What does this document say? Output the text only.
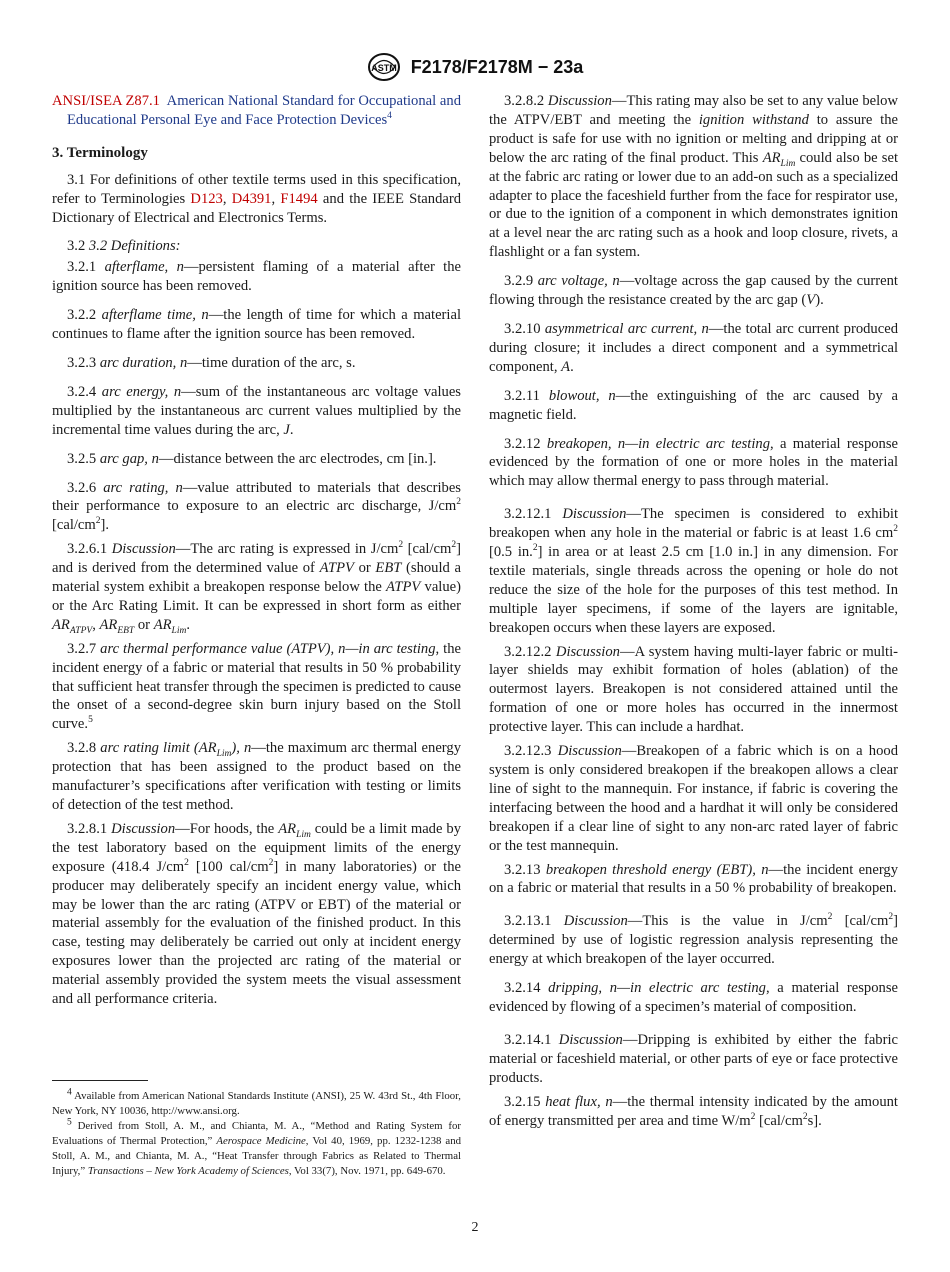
ASTM F2178/F2178M − 23a

ANSI/ISEA Z87.1 American National Standard for Occupational and Educational Personal Eye and Face Protection Devices$^4$

3. Terminology

3.1 For definitions of other textile terms used in this specification, refer to Terminologies D123, D4391, F1494 and the IEEE Standard Dictionary of Electrical and Electronics Terms.

3.2 3.2 Definitions:

3.2.1 afterflame, n—persistent flaming of a material after the ignition source has been removed.

3.2.2 afterflame time, n—the length of time for which a material continues to flame after the ignition source has been removed.

3.2.3 arc duration, n—time duration of the arc, s.

3.2.4 arc energy, n—sum of the instantaneous arc voltage values multiplied by the instantaneous arc current values multiplied by the incremental time values during the arc, J.

3.2.5 arc gap, n—distance between the arc electrodes, cm [in.].

3.2.6 arc rating, n—value attributed to materials that describes their performance to exposure to an electric arc discharge, $J/cm^2$ $[cal/cm^2]$.

3.2.6.1 Discussion—The arc rating is expressed in $J/cm^2$ $[cal/cm^2]$ and is derived from the determined value of ATPV or EBT (should a material system exhibit a breakopen response below the ATPV value) or the Arc Rating Limit. It can be expressed in short form as either $AR_{ATPV}$, $AR_{EBT}$ or $AR_{Lim}$.

3.2.7 arc thermal performance value (ATPV), n—in arc testing, the incident energy of a fabric or material that results in 50 % probability that sufficient heat transfer through the specimen is predicted to cause the onset of a second-degree skin burn injury based on the Stoll curve.$^5$

3.2.8 arc rating limit $(AR_{Lim})$, n—the maximum arc thermal energy protection that has been assigned to the product based on the manufacturer’s specifications after verification with testing or limits of detection of the test method.

3.2.8.1 Discussion—For hoods, the $AR_{Lim}$ could be a limit made by the test laboratory based on the equipment limits of the energy exposure (418.4 $J/cm^2$ [100 cal/$cm^2$] in many laboratories) or the producer may deliberately specify an incident energy value, which may be lower than the arc rating (ATPV or EBT) of the material or material assembly for the evaluation of the finished product. In this case, testing may deliberately be carried out only at incident energy exposures lower than the projected arc rating of the material or material assembly provided the system meets the visual assessment and all performance criteria.

3.2.8.2 Discussion—This rating may also be set to any value below the ATPV/EBT and meeting the ignition withstand to assure the product is safe for use with no ignition or melting and dripping at or below the arc rating of the final product. This $AR_{Lim}$ could also be set at the fabric arc rating or lower due to an add-on such as a specialized adapter to place the faceshield further from the face for respirator use, or due to the ignition of a component in which demonstrates ignition at a level near the arc rating such as a hook and loop closure, rivets, a flashlight or a fan system.

3.2.9 arc voltage, n—voltage across the gap caused by the current flowing through the resistance created by the arc gap (V).

3.2.10 asymmetrical arc current, n—the total arc current produced during closure; it includes a direct component and a symmetrical component, A.

3.2.11 blowout, n—the extinguishing of the arc caused by a magnetic field.

3.2.12 breakopen, n—in electric arc testing, a material response evidenced by the formation of one or more holes in the material which may allow thermal energy to pass through material.

3.2.12.1 Discussion—The specimen is considered to exhibit breakopen when any hole in the material or fabric is at least 1.6 $cm^2$ [0.5 in.$^2$] in area or at least 2.5 cm [1.0 in.] in any dimension. For textile materials, single threads across the opening or hole do not reduce the size of the hole for the purposes of this test method. In multiple layer specimens, if some of the layers are ignitable, breakopen occurs when these layers are exposed.

3.2.12.2 Discussion—A system having multi-layer fabric or multi-layer shields may exhibit formation of holes (ablation) of the outermost layers. Breakopen is not considered attained until the formation of one or more holes has occurred in the innermost protective layer. This can include a hardhat.

3.2.12.3 Discussion—Breakopen of a fabric which is on a hood system is only considered breakopen if the breakopen allows a clear line of sight to the mannequin. For instance, if fabric is covering the interfacing between the hood and a hardhat it will only be considered breakopen if a clear line of sight to any non-arc rated layer of fabric or the test mannequin.

3.2.13 breakopen threshold energy (EBT), n—the incident energy on a fabric or material that results in a 50 % probability of breakopen.

3.2.13.1 Discussion—This is the value in $J/cm^2$ $[cal/cm^2]$ determined by use of logistic regression analysis representing the energy at which breakopen of the layer occurred.

3.2.14 dripping, n—in electric arc testing, a material response evidenced by flowing of a specimen’s material of composition.

3.2.14.1 Discussion—Dripping is exhibited by either the fabric material or faceshield material, or other parts of eye or face protective products.

3.2.15 heat flux, n—the thermal intensity indicated by the amount of energy transmitted per area and time $W/m^2$ $[cal/cm^2s]$.

$^4$ Available from American National Standards Institute (ANSI), 25 W. 43rd St., 4th Floor, New York, NY 10036, http://www.ansi.org.

$^5$ Derived from Stoll, A. M., and Chianta, M. A., “Method and Rating System for Evaluations of Thermal Protection,” Aerospace Medicine, Vol 40, 1969, pp. 1232-1238 and Stoll, A. M., and Chianta, M. A., “Heat Transfer through Fabrics as Related to Thermal Injury,” Transactions – New York Academy of Sciences, Vol 33(7), Nov. 1971, pp. 649-670.

2
